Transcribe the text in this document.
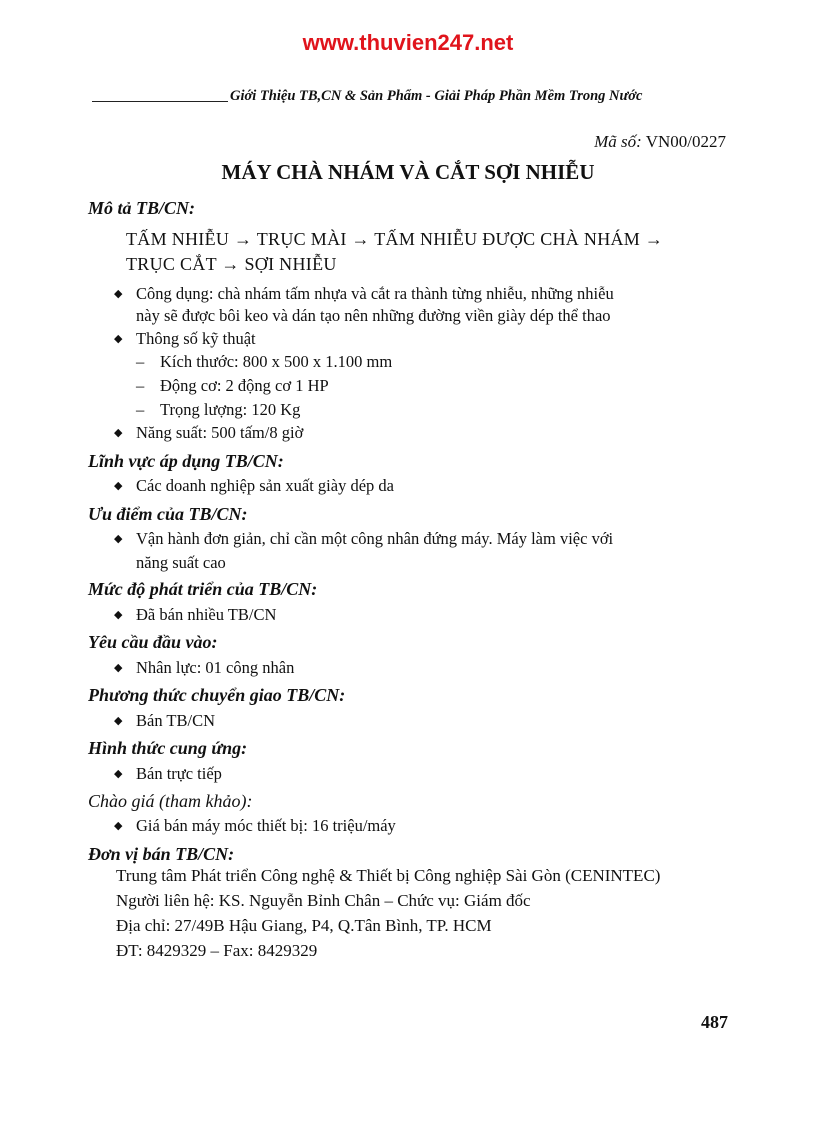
www.thuvien247.net
Giới Thiệu TB,CN & Sản Phẩm - Giải Pháp Phần Mềm Trong Nước
Mã số: VN00/0227
MÁY CHÀ NHÁM VÀ CẮT SỢI NHIỄU
Mô tả TB/CN:
TẤM NHIỄU → TRỤC MÀI → TẤM NHIỄU ĐƯỢC CHÀ NHÁM →
TRỤC CẮT → SỢI NHIỄU
◆ Công dụng: chà nhám tấm nhựa và cắt ra thành từng nhiễu, những nhiễu
này sẽ được bôi keo và dán tạo nên những đường viền giày dép thể thao
◆ Thông số kỹ thuật
– Kích thước: 800 x 500 x 1.100 mm
– Động cơ: 2 động cơ 1 HP
– Trọng lượng: 120 Kg
◆ Năng suất: 500 tấm/8 giờ
Lĩnh vực áp dụng TB/CN:
◆ Các doanh nghiệp sản xuất giày dép da
Ưu điểm của TB/CN:
◆ Vận hành đơn giản, chỉ cần một công nhân đứng máy. Máy làm việc với
năng suất cao
Mức độ phát triển của TB/CN:
◆ Đã bán nhiều TB/CN
Yêu cầu đầu vào:
◆ Nhân lực: 01 công nhân
Phương thức chuyển giao TB/CN:
◆ Bán TB/CN
Hình thức cung ứng:
◆ Bán trực tiếp
Chào giá (tham khảo):
◆ Giá bán máy móc thiết bị: 16 triệu/máy
Đơn vị bán TB/CN:
Trung tâm Phát triển Công nghệ & Thiết bị Công nghiệp Sài Gòn (CENINTEC)
Người liên hệ: KS. Nguyễn Bỉnh Chân – Chức vụ: Giám đốc
Địa chỉ: 27/49B Hậu Giang, P4, Q.Tân Bình, TP. HCM
ĐT: 8429329 – Fax: 8429329
487
